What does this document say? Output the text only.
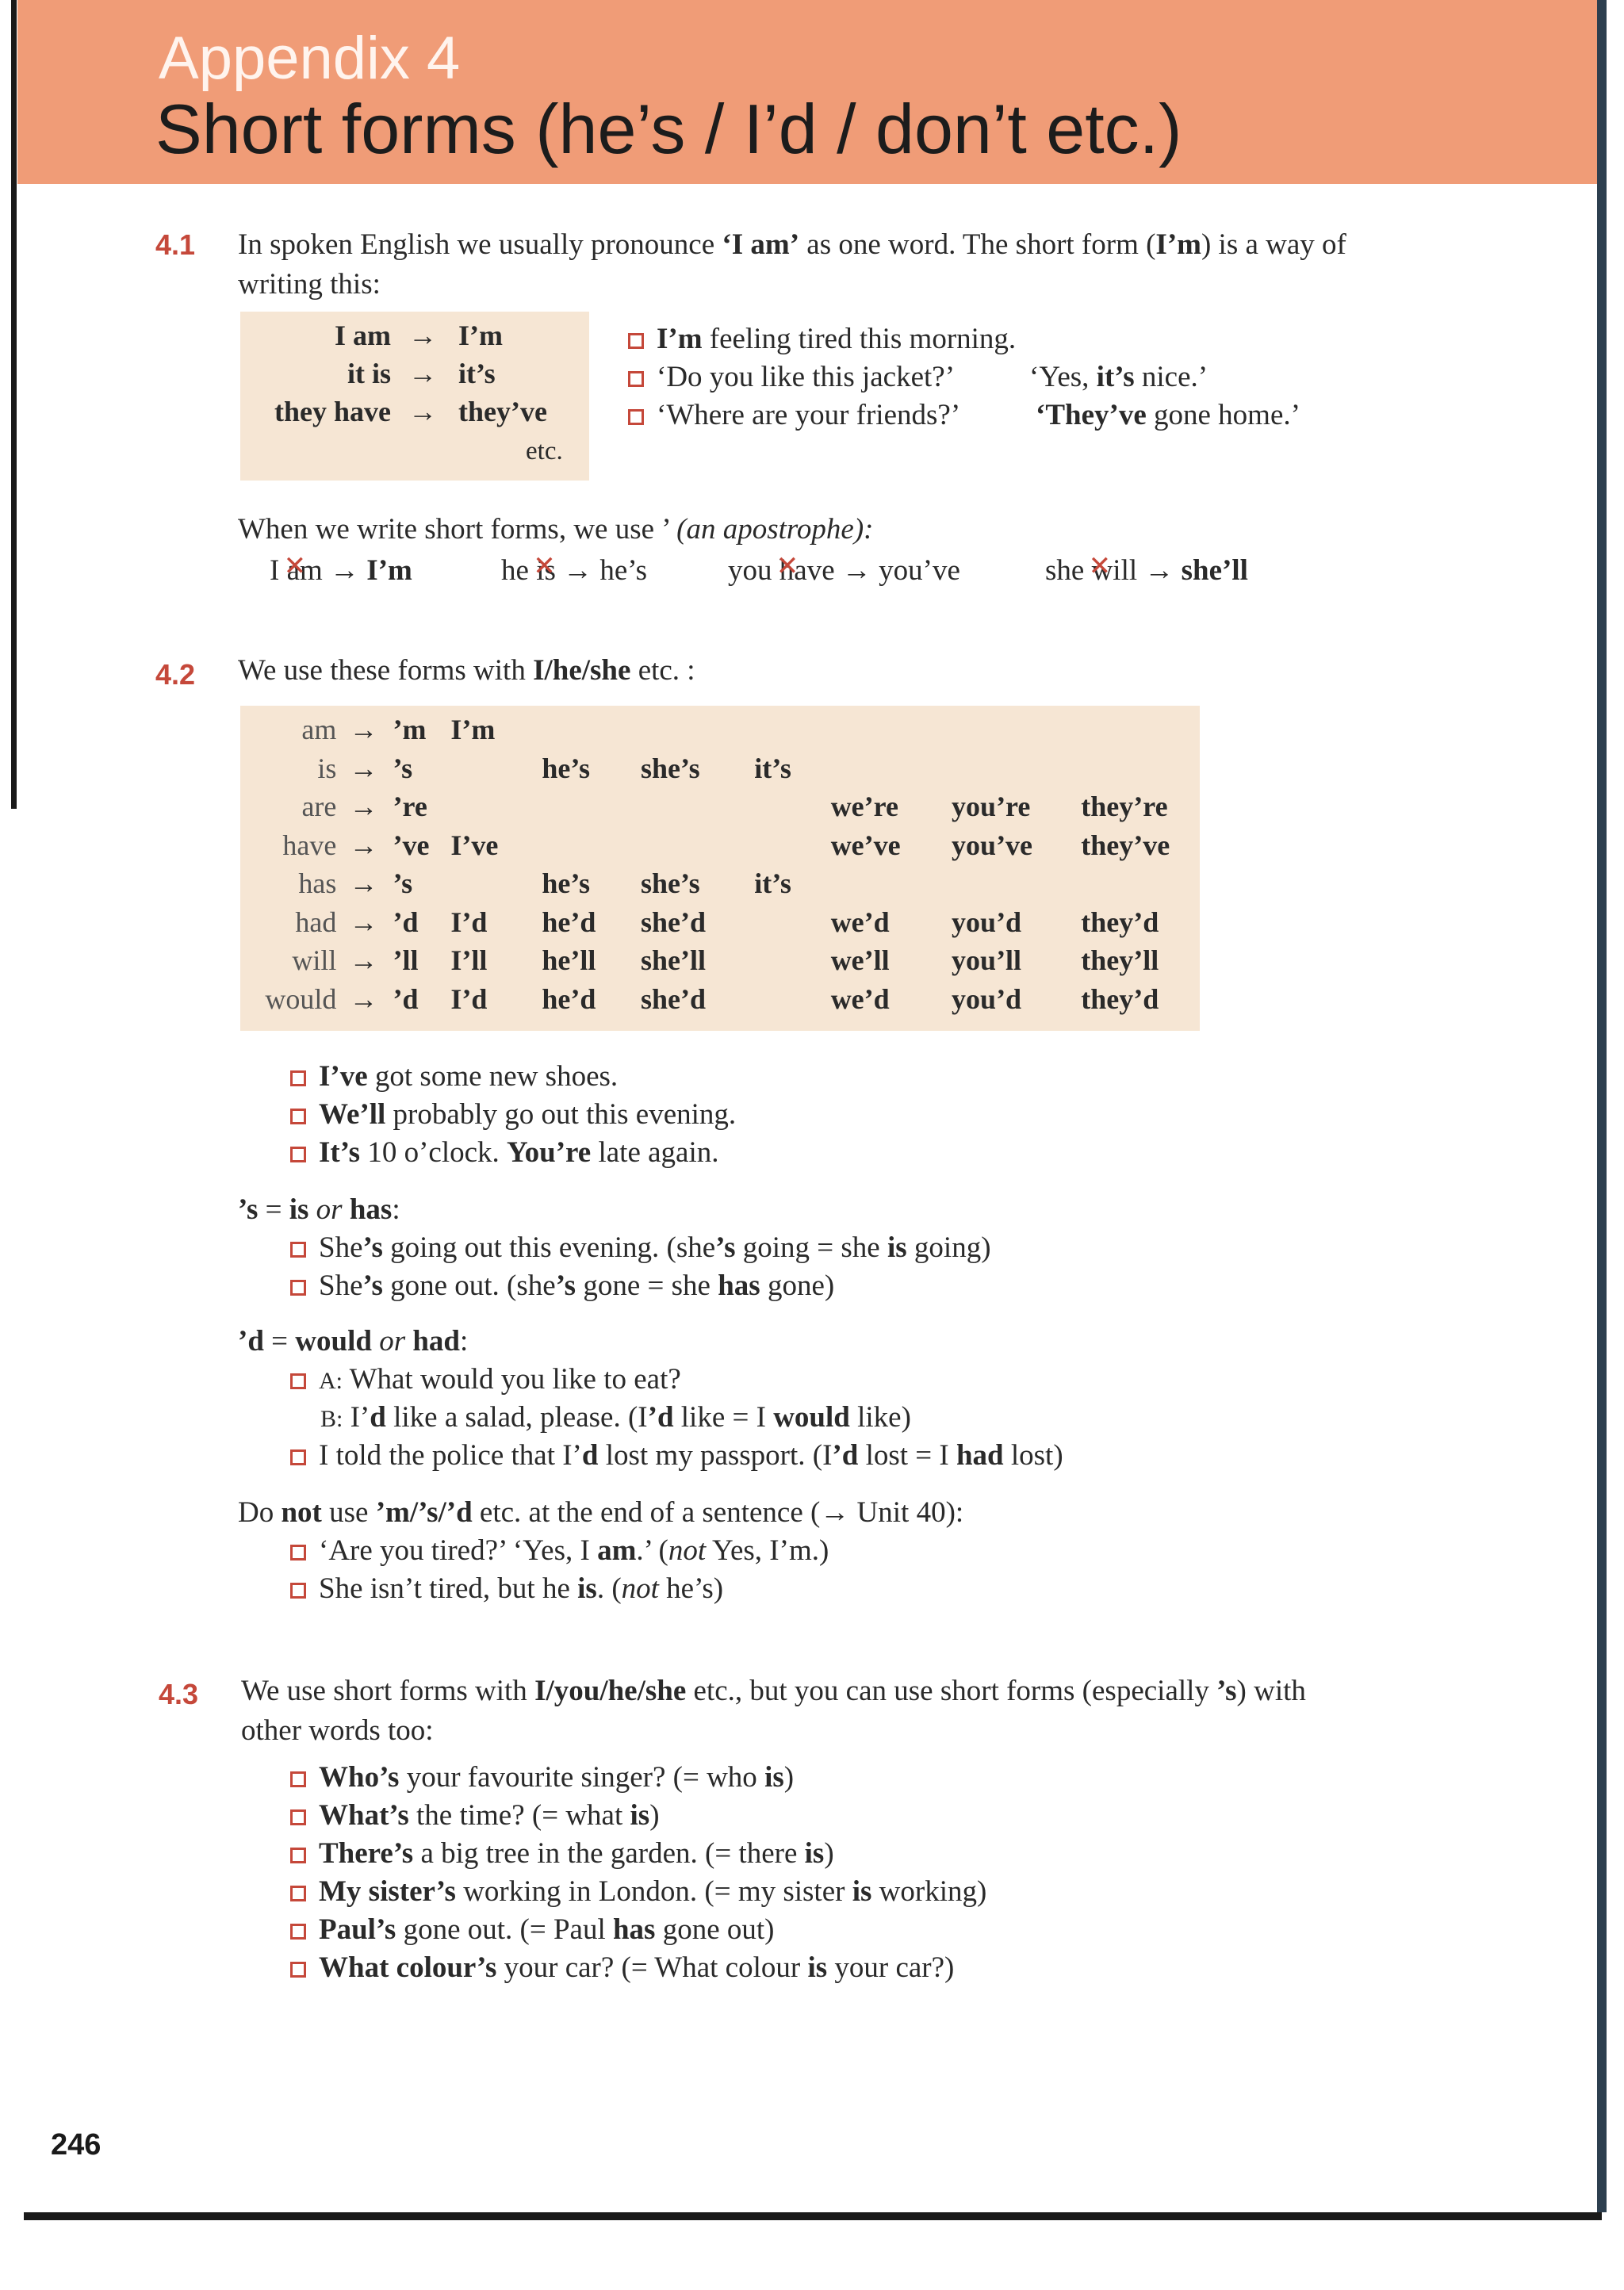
Appendix 4
Short forms (he’s / I’d / don’t etc.)
4.1 In spoken English we usually pronounce ‘I am’ as one word. The short form (I’m) is a way of
writing this:
I am → I’m
it is → it’s
they have → they’ve
etc.
I’m feeling tired this morning.
‘Do you like this jacket?’	‘Yes, it’s nice.’
‘Where are your friends?’	‘They’ve gone home.’
When we write short forms, we use ’ (an apostrophe):
I a ✕m → I’m	he i ✕s → he’s	you ha ✕ve → you’ve	she wi ✕ll → she’ll
4.2 We use these forms with I/he/she etc. :
am	→	’m	I’m						
is	→	’s		he’s	she’s	it’s			
are	→	’re					we’re	you’re	they’re
have	→	’ve	I’ve				we’ve	you’ve	they’ve
has	→	’s		he’s	she’s	it’s			
had	→	’d	I’d	he’d	she’d		we’d	you’d	they’d
will	→	’ll	I’ll	he’ll	she’ll		we’ll	you’ll	they’ll
would	→	’d	I’d	he’d	she’d		we’d	you’d	they’d
I’ve got some new shoes.
We’ll probably go out this evening.
It’s 10 o’clock. You’re late again.
’s = is or has:
She’s going out this evening. (she’s going = she is going)
She’s gone out. (she’s gone = she has gone)
’d = would or had:
A: What would you like to eat?
B: I’d like a salad, please. (I’d like = I would like)
I told the police that I’d lost my passport. (I’d lost = I had lost)
Do not use ’m/’s/’d etc. at the end of a sentence (→ Unit 40):
‘Are you tired?’ ‘Yes, I am.’ (not Yes, I’m.)
She isn’t tired, but he is. (not he’s)
4.3 We use short forms with I/you/he/she etc., but you can use short forms (especially ’s) with
other words too:
Who’s your favourite singer? (= who is)
What’s the time? (= what is)
There’s a big tree in the garden. (= there is)
My sister’s working in London. (= my sister is working)
Paul’s gone out. (= Paul has gone out)
What colour’s your car? (= What colour is your car?)
246
